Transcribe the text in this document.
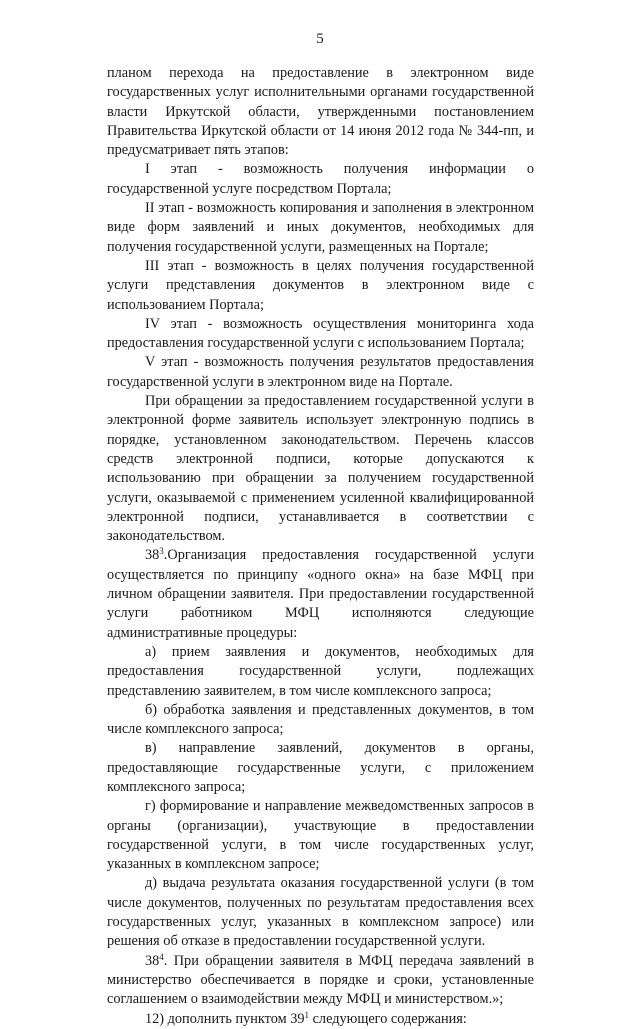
5

планом перехода на предоставление в электронном виде государственных услуг исполнительными органами государственной власти Иркутской области, утвержденными постановлением Правительства Иркутской области от 14 июня 2012 года № 344-пп, и предусматривает пять этапов:

I этап - возможность получения информации о государственной услуге посредством Портала;

II этап - возможность копирования и заполнения в электронном виде форм заявлений и иных документов, необходимых для получения государственной услуги, размещенных на Портале;

III этап - возможность в целях получения государственной услуги представления документов в электронном виде с использованием Портала;

IV этап - возможность осуществления мониторинга хода предоставления государственной услуги с использованием Портала;

V этап - возможность получения результатов предоставления государственной услуги в электронном виде на Портале.

При обращении за предоставлением государственной услуги в электронной форме заявитель использует электронную подпись в порядке, установленном законодательством. Перечень классов средств электронной подписи, которые допускаются к использованию при обращении за получением государственной услуги, оказываемой с применением усиленной квалифицированной электронной подписи, устанавливается в соответствии с законодательством.

$38^3.Организация$ предоставления государственной услуги осуществляется по принципу «одного окна» на базе МФЦ при личном обращении заявителя. При предоставлении государственной услуги работником МФЦ исполняются следующие административные процедуры:

а) прием заявления и документов, необходимых для предоставления государственной услуги, подлежащих представлению заявителем, в том числе комплексного запроса;

б) обработка заявления и представленных документов, в том числе комплексного запроса;

в) направление заявлений, документов в органы, предоставляющие государственные услуги, с приложением комплексного запроса;

г) формирование и направление межведомственных запросов в органы (организации), участвующие в предоставлении государственной услуги, в том числе государственных услуг, указанных в комплексном запросе;

д) выдача результата оказания государственной услуги (в том числе документов, полученных по результатам предоставления всех государственных услуг, указанных в комплексном запросе) или решения об отказе в предоставлении государственной услуги.

$38^4$. При обращении заявителя в МФЦ передача заявлений в министерство обеспечивается в порядке и сроки, установленные соглашением о взаимодействии между МФЦ и министерством.»;

12) дополнить пунктом $39^1$ следующего содержания:
